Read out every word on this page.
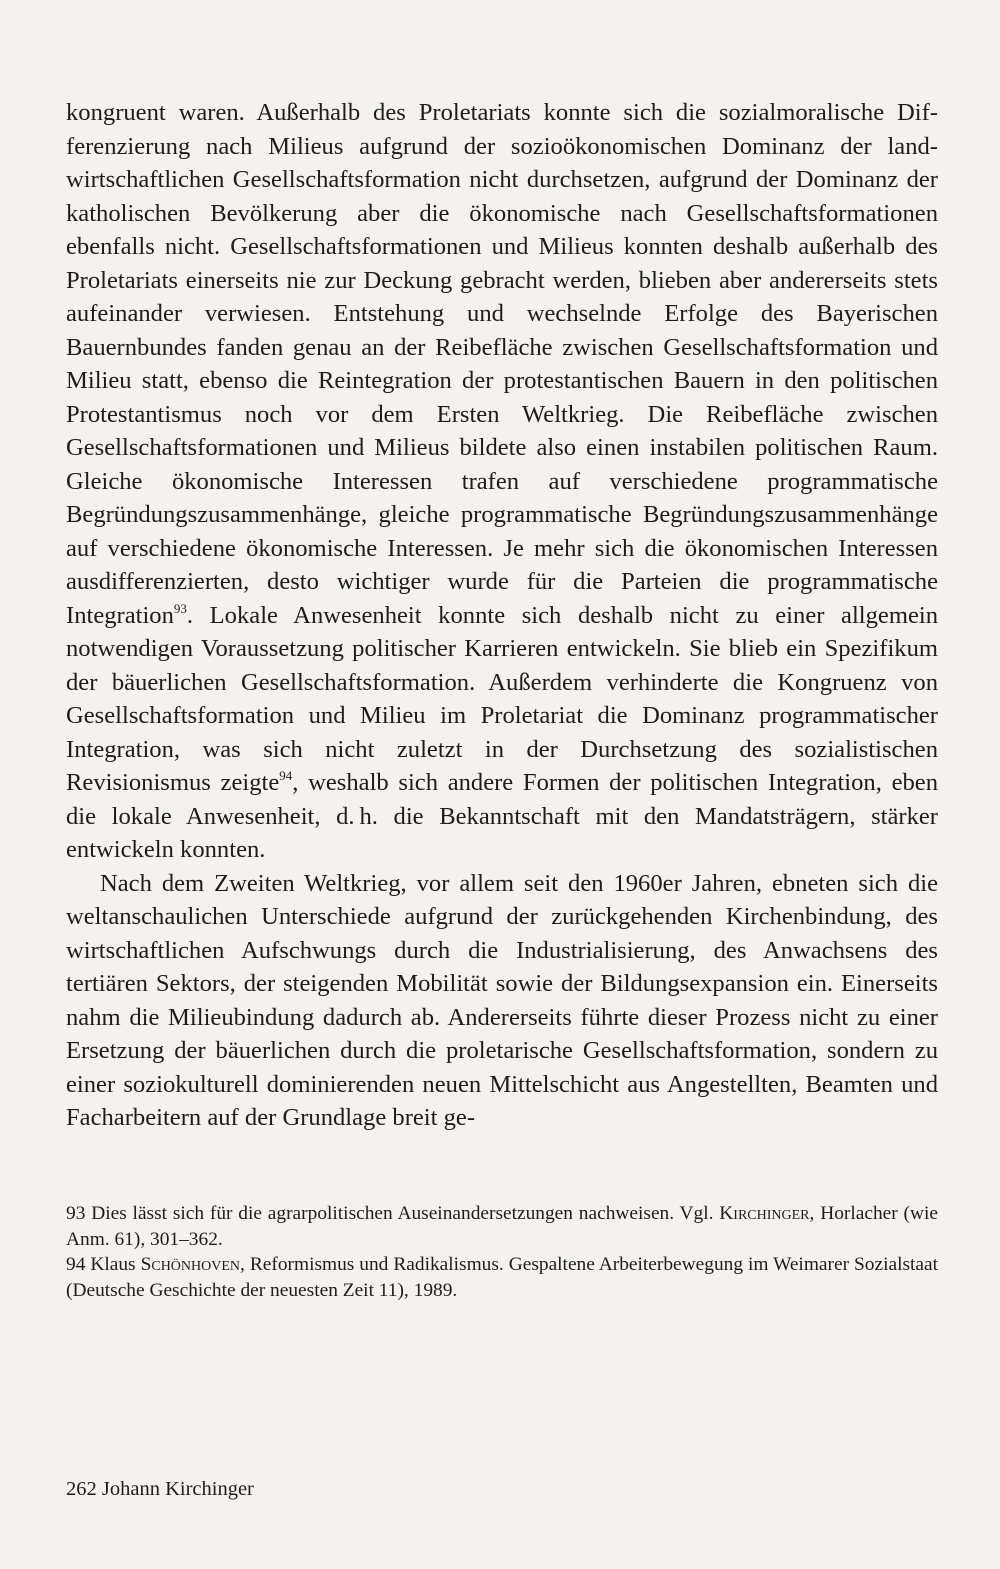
kongruent waren. Außerhalb des Proletariats konnte sich die sozialmoralische Differenzierung nach Milieus aufgrund der sozioökonomischen Dominanz der landwirtschaftlichen Gesellschaftsformation nicht durchsetzen, aufgrund der Dominanz der katholischen Bevölkerung aber die ökonomische nach Gesellschaftsformationen ebenfalls nicht. Gesellschaftsformationen und Milieus konnten deshalb außerhalb des Proletariats einerseits nie zur Deckung gebracht werden, blieben aber andererseits stets aufeinander verwiesen. Entstehung und wechselnde Erfolge des Bayerischen Bauernbundes fanden genau an der Reibefläche zwischen Gesellschaftsformation und Milieu statt, ebenso die Reintegration der protestantischen Bauern in den politischen Protestantismus noch vor dem Ersten Weltkrieg. Die Reibefläche zwischen Gesellschaftsformationen und Milieus bildete also einen instabilen politischen Raum. Gleiche ökonomische Interessen trafen auf verschiedene programmatische Begründungszusammenhänge, gleiche programmatische Begründungszusammenhänge auf verschiedene ökonomische Interessen. Je mehr sich die ökonomischen Interessen ausdifferenzierten, desto wichtiger wurde für die Parteien die programmatische Integration$^{93}$. Lokale Anwesenheit konnte sich deshalb nicht zu einer allgemein notwendigen Voraussetzung politischer Karrieren entwickeln. Sie blieb ein Spezifikum der bäuerlichen Gesellschaftsformation. Außerdem verhinderte die Kongruenz von Gesellschaftsformation und Milieu im Proletariat die Dominanz programmatischer Integration, was sich nicht zuletzt in der Durchsetzung des sozialistischen Revisionismus zeigte$^{94}$, weshalb sich andere Formen der politischen Integration, eben die lokale Anwesenheit, d. h. die Bekanntschaft mit den Mandatsträgern, stärker entwickeln konnten.

Nach dem Zweiten Weltkrieg, vor allem seit den 1960er Jahren, ebneten sich die weltanschaulichen Unterschiede aufgrund der zurückgehenden Kirchenbindung, des wirtschaftlichen Aufschwungs durch die Industrialisierung, des Anwachsens des tertiären Sektors, der steigenden Mobilität sowie der Bildungsexpansion ein. Einerseits nahm die Milieubindung dadurch ab. Andererseits führte dieser Prozess nicht zu einer Ersetzung der bäuerlichen durch die proletarische Gesellschaftsformation, sondern zu einer soziokulturell dominierenden neuen Mittelschicht aus Angestellten, Beamten und Facharbeitern auf der Grundlage breit ge-

93 Dies lässt sich für die agrarpolitischen Auseinandersetzungen nachweisen. Vgl. Kirchinger, Horlacher (wie Anm. 61), 301–362.

94 Klaus Schönhoven, Reformismus und Radikalismus. Gespaltene Arbeiterbewegung im Weimarer Sozialstaat (Deutsche Geschichte der neuesten Zeit 11), 1989.

262 Johann Kirchinger
